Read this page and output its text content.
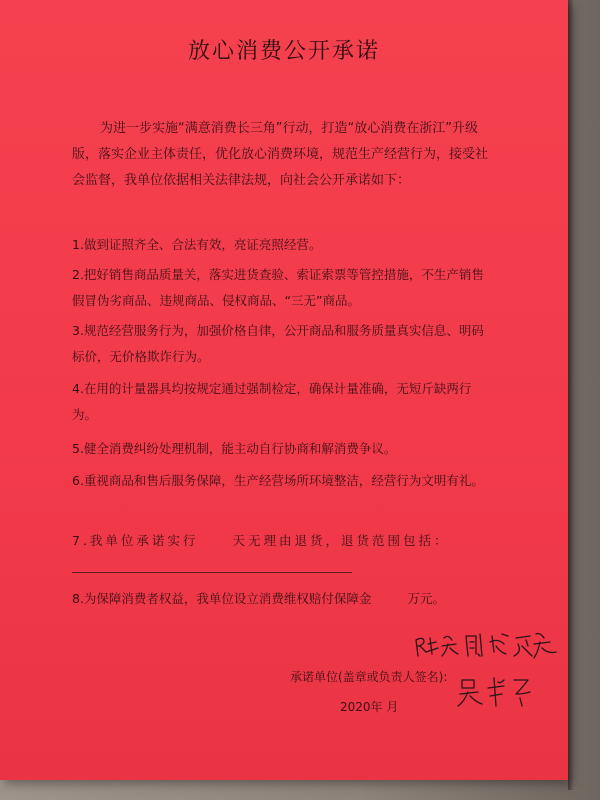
放心消费公开承诺
为进一步实施“满意消费长三角”行动，打造“放心消费在浙江”升级版，落实企业主体责任，优化放心消费环境，规范生产经营行为，接受社会监督，我单位依据相关法律法规，向社会公开承诺如下：
1.做到证照齐全、合法有效，亮证亮照经营。
2.把好销售商品质量关，落实进货查验、索证索票等管控措施，不生产销售假冒伪劣商品、违规商品、侵权商品、“三无”商品。
3.规范经营服务行为，加强价格自律，公开商品和服务质量真实信息、明码标价，无价格欺诈行为。
4.在用的计量器具均按规定通过强制检定，确保计量准确，无短斤缺两行为。
5.健全消费纠纷处理机制，能主动自行协商和解消费争议。
6.重视商品和售后服务保障，生产经营场所环境整洁，经营行为文明有礼。
7.我单位承诺实行	天无理由退货，退货范围包括：
8.为保障消费者权益，我单位设立消费维权赔付保障金	万元。
承诺单位(盖章或负责人签名):
2020年 月
